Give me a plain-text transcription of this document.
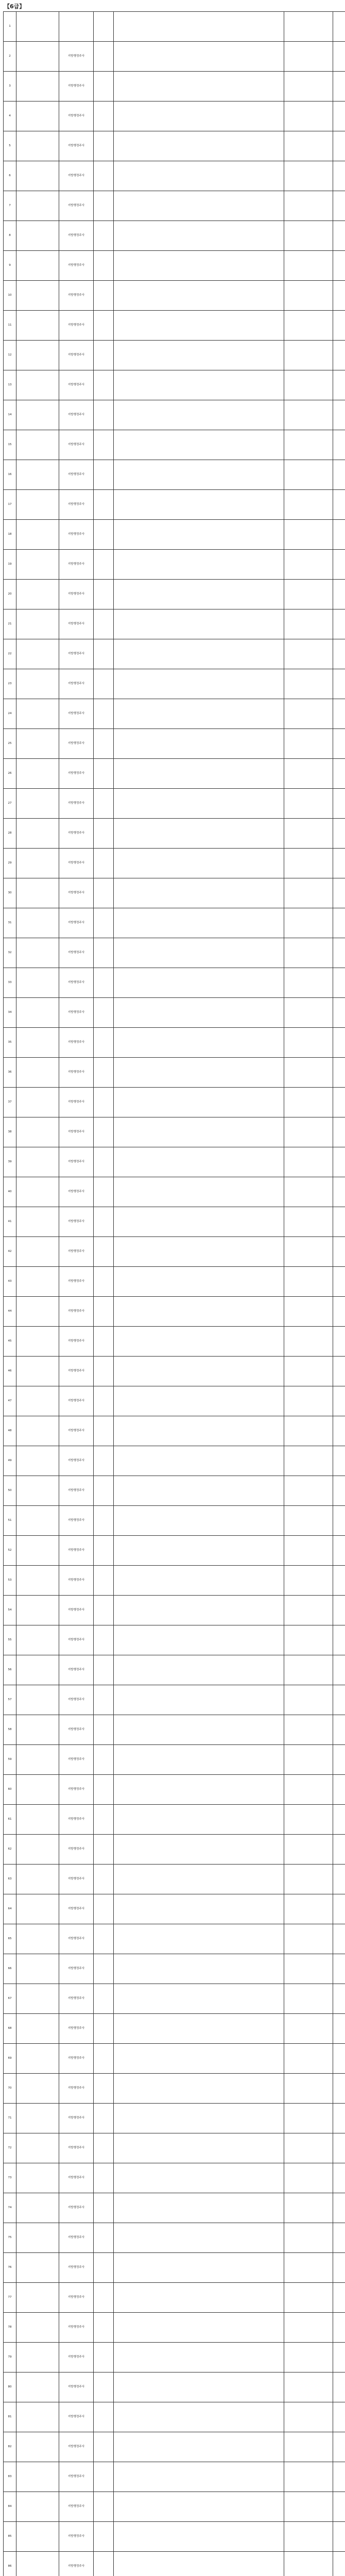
【6급】
1				

2		지방행정주사		

3		지방행정주사		

4		지방행정주사		

5		지방행정주사		

6		지방행정주사		

7		지방행정주사		

8		지방행정주사		

9		지방행정주사		

10		지방행정주사		

11		지방행정주사		

12		지방행정주사		

13		지방행정주사		

14		지방행정주사		

15		지방행정주사		

16		지방행정주사		

17		지방행정주사		

18		지방행정주사		

19		지방행정주사		

20		지방행정주사		

21		지방행정주사		

22		지방행정주사		

23		지방행정주사		

24		지방행정주사		

25		지방행정주사		

26		지방행정주사		

27		지방행정주사		

28		지방행정주사		

29		지방행정주사		

30		지방행정주사		

31		지방행정주사		

32		지방행정주사		

33		지방행정주사		

34		지방행정주사		

35		지방행정주사		

36		지방행정주사		

37		지방행정주사		

38		지방행정주사		

39		지방행정주사		

40		지방행정주사		

41		지방행정주사		

42		지방행정주사		

43		지방행정주사		

44		지방행정주사		

45		지방행정주사		

46		지방행정주사		

47		지방행정주사		

48		지방행정주사		

49		지방행정주사		

50		지방행정주사		

51		지방행정주사		

52		지방행정주사		

53		지방행정주사		

54		지방행정주사		

55		지방행정주사		

56		지방행정주사		

57		지방행정주사		

58		지방행정주사		

59		지방행정주사		

60		지방행정주사		

61		지방행정주사		

62		지방행정주사		

63		지방행정주사		

64		지방행정주사		

65		지방행정주사		

66		지방행정주사		

67		지방행정주사		

68		지방행정주사		

69		지방행정주사		

70		지방행정주사		

71		지방행정주사		

72		지방행정주사		

73		지방행정주사		

74		지방행정주사		

75		지방행정주사		

76		지방행정주사		

77		지방행정주사		

78		지방행정주사		

79		지방행정주사		

80		지방행정주사		

81		지방행정주사		

82		지방행정주사		

83		지방행정주사		

84		지방행정주사		

85		지방행정주사		

86		지방행정주사		
